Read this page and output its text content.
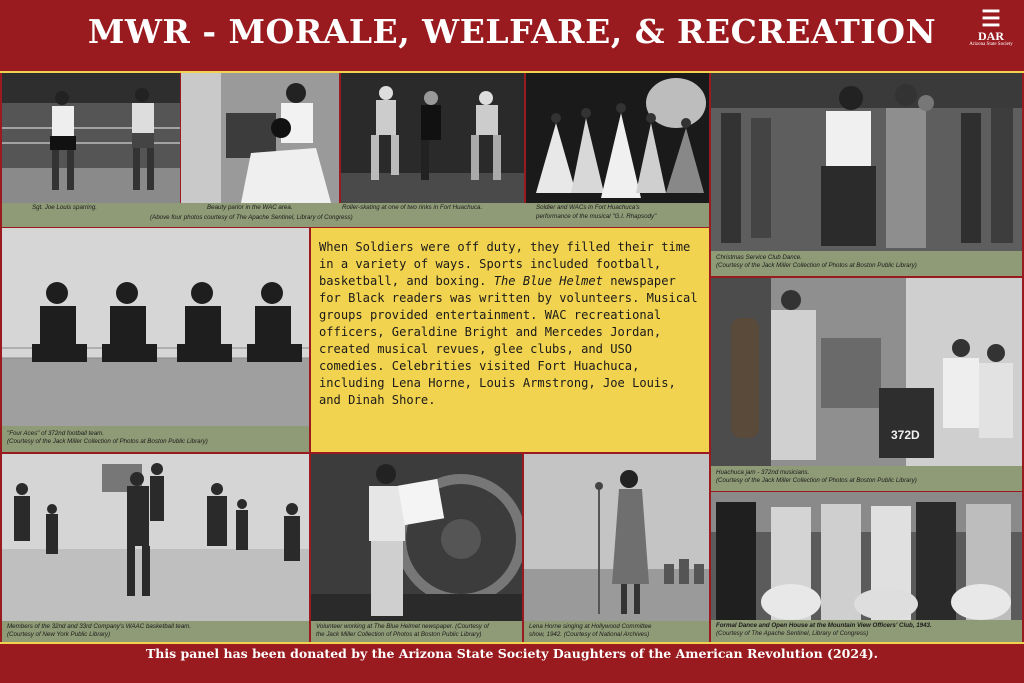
MWR - MORALE, WELFARE, & RECREATION	☰
DAR
Arizona State Society
Sgt. Joe Louis sparring.	Beauty parlor in the WAC area.	Roller-skating at one of two rinks in Fort Huachuca.
(Above four photos courtesy of The Apache Sentinel, Library of Congress)
Soldier and WACs in Fort Huachuca's
performance of the musical "G.I. Rhapsody"
Christmas Service Club Dance.
(Courtesy of the Jack Miller Collection of Photos at Boston Public Library)
372D
Huachuca jam - 372nd musicians.
(Courtesy of the Jack Miller Collection of Photos at Boston Public Library)
Formal Dance and Open House at the Mountain View Officers' Club, 1943.
(Courtesy of The Apache Sentinel, Library of Congress)
"Four Aces" of 372nd football team.
(Courtesy of the Jack Miller Collection of Photos at Boston Public Library)

When Soldiers were off duty, they filled their time in a variety of ways. Sports included football, basketball, and boxing. The Blue Helmet newspaper for Black readers was written by volunteers. Musical groups provided entertainment. WAC recreational officers, Geraldine Bright and Mercedes Jordan, created musical revues, glee clubs, and USO comedies. Celebrities visited Fort Huachuca, including Lena Horne, Louis Armstrong, Joe Louis, and Dinah Shore.

Members of the 32nd and 33rd Company's WAAC basketball team.
(Courtesy of New York Public Library)
Volunteer working at The Blue Helmet newspaper. (Courtesy of
the Jack Miller Collection of Photos at Boston Public Library)
Lena Horne singing at Hollywood Committee
show, 1942. (Courtesy of National Archives)
This panel has been donated by the Arizona State Society Daughters of the American Revolution (2024).
